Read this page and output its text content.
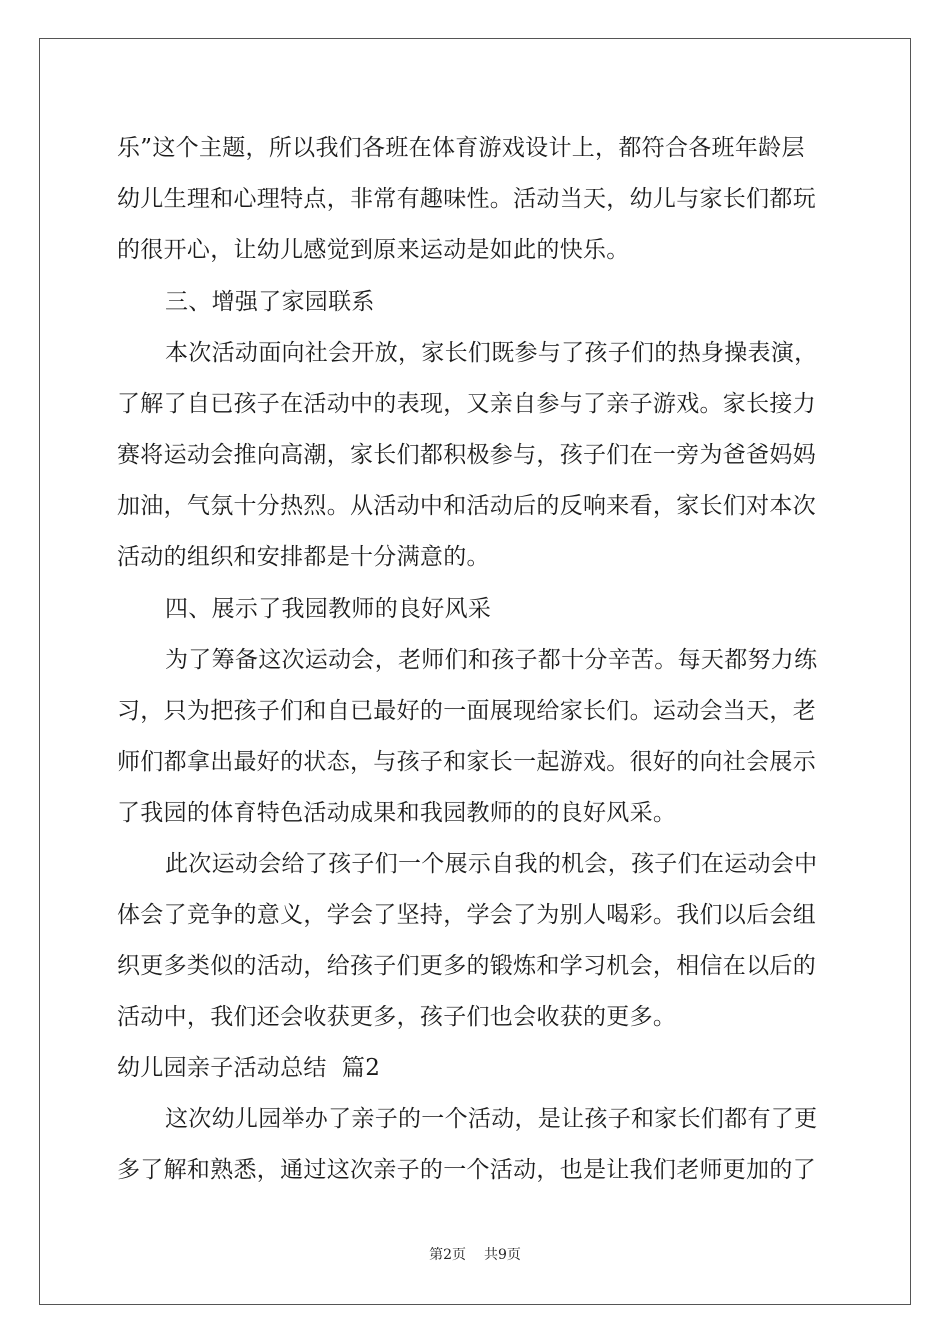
乐”这个主题，所以我们各班在体育游戏设计上，都符合各班年龄层
幼儿生理和心理特点，非常有趣味性。活动当天，幼儿与家长们都玩
的很开心，让幼儿感觉到原来运动是如此的快乐。
三、增强了家园联系
本次活动面向社会开放，家长们既参与了孩子们的热身操表演，
了解了自已孩子在活动中的表现，又亲自参与了亲子游戏。家长接力
赛将运动会推向高潮，家长们都积极参与，孩子们在一旁为爸爸妈妈
加油，气氛十分热烈。从活动中和活动后的反响来看，家长们对本次
活动的组织和安排都是十分满意的。
四、展示了我园教师的良好风采
为了筹备这次运动会，老师们和孩子都十分辛苦。每天都努力练
习，只为把孩子们和自已最好的一面展现给家长们。运动会当天，老
师们都拿出最好的状态，与孩子和家长一起游戏。很好的向社会展示
了我园的体育特色活动成果和我园教师的的良好风采。
此次运动会给了孩子们一个展示自我的机会，孩子们在运动会中
体会了竞争的意义，学会了坚持，学会了为别人喝彩。我们以后会组
织更多类似的活动，给孩子们更多的锻炼和学习机会，相信在以后的
活动中，我们还会收获更多，孩子们也会收获的更多。
幼儿园亲子活动总结  篇2
这次幼儿园举办了亲子的一个活动，是让孩子和家长们都有了更
多了解和熟悉，通过这次亲子的一个活动，也是让我们老师更加的了
第2页 共9页
